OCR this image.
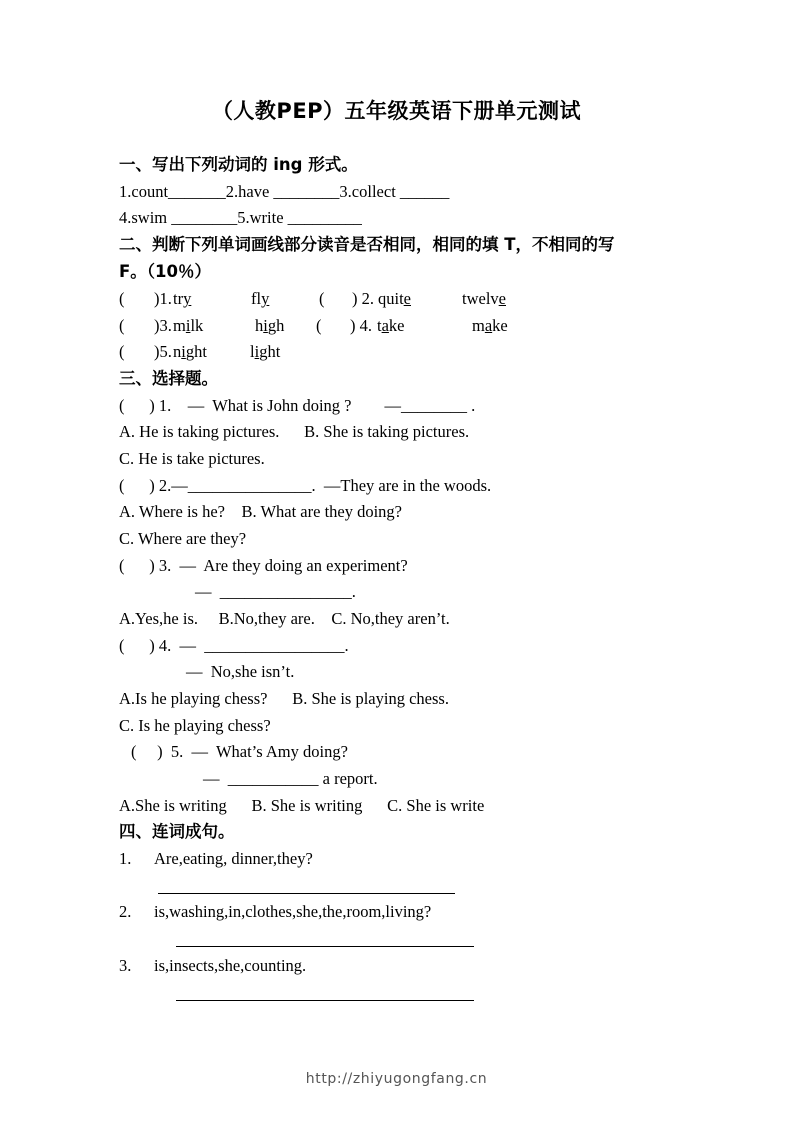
（人教PEP）五年级英语下册单元测试
一、写出下列动词的 ing 形式。
1.count_______2.have ________3.collect ______
4.swim ________5.write _________
二、判断下列单词画线部分读音是否相同，相同的填 T，不相同的写
F。（10％）
( )1. try	fly	( ) 2. quite	twelve
( )3. milk	high ( ) 4. take	make
( )5. night	light
三、选择题。
(      ) 1.    —  What is John doing ?        —________ .
A. He is taking pictures.      B. She is taking pictures.
C. He is take pictures.
(      ) 2.—_______________.  —They are in the woods.
A. Where is he?    B. What are they doing?
C. Where are they?
(      ) 3.  —  Are they doing an experiment?
—  ________________.
A.Yes,he is.     B.No,they are.    C. No,they aren’t.
(      ) 4.  —  _________________.
—  No,she isn’t.
A.Is he playing chess?      B. She is playing chess.
C. Is he playing chess?
(     )  5.  —  What’s Amy doing?
—  ___________ a report.
A.She is writing      B. She is writing      C. She is write
四、连词成句。
1. Are,eating, dinner,they?
2. is,washing,in,clothes,she,the,room,living?
3. is,insects,she,counting.
http://zhiyugongfang.cn
